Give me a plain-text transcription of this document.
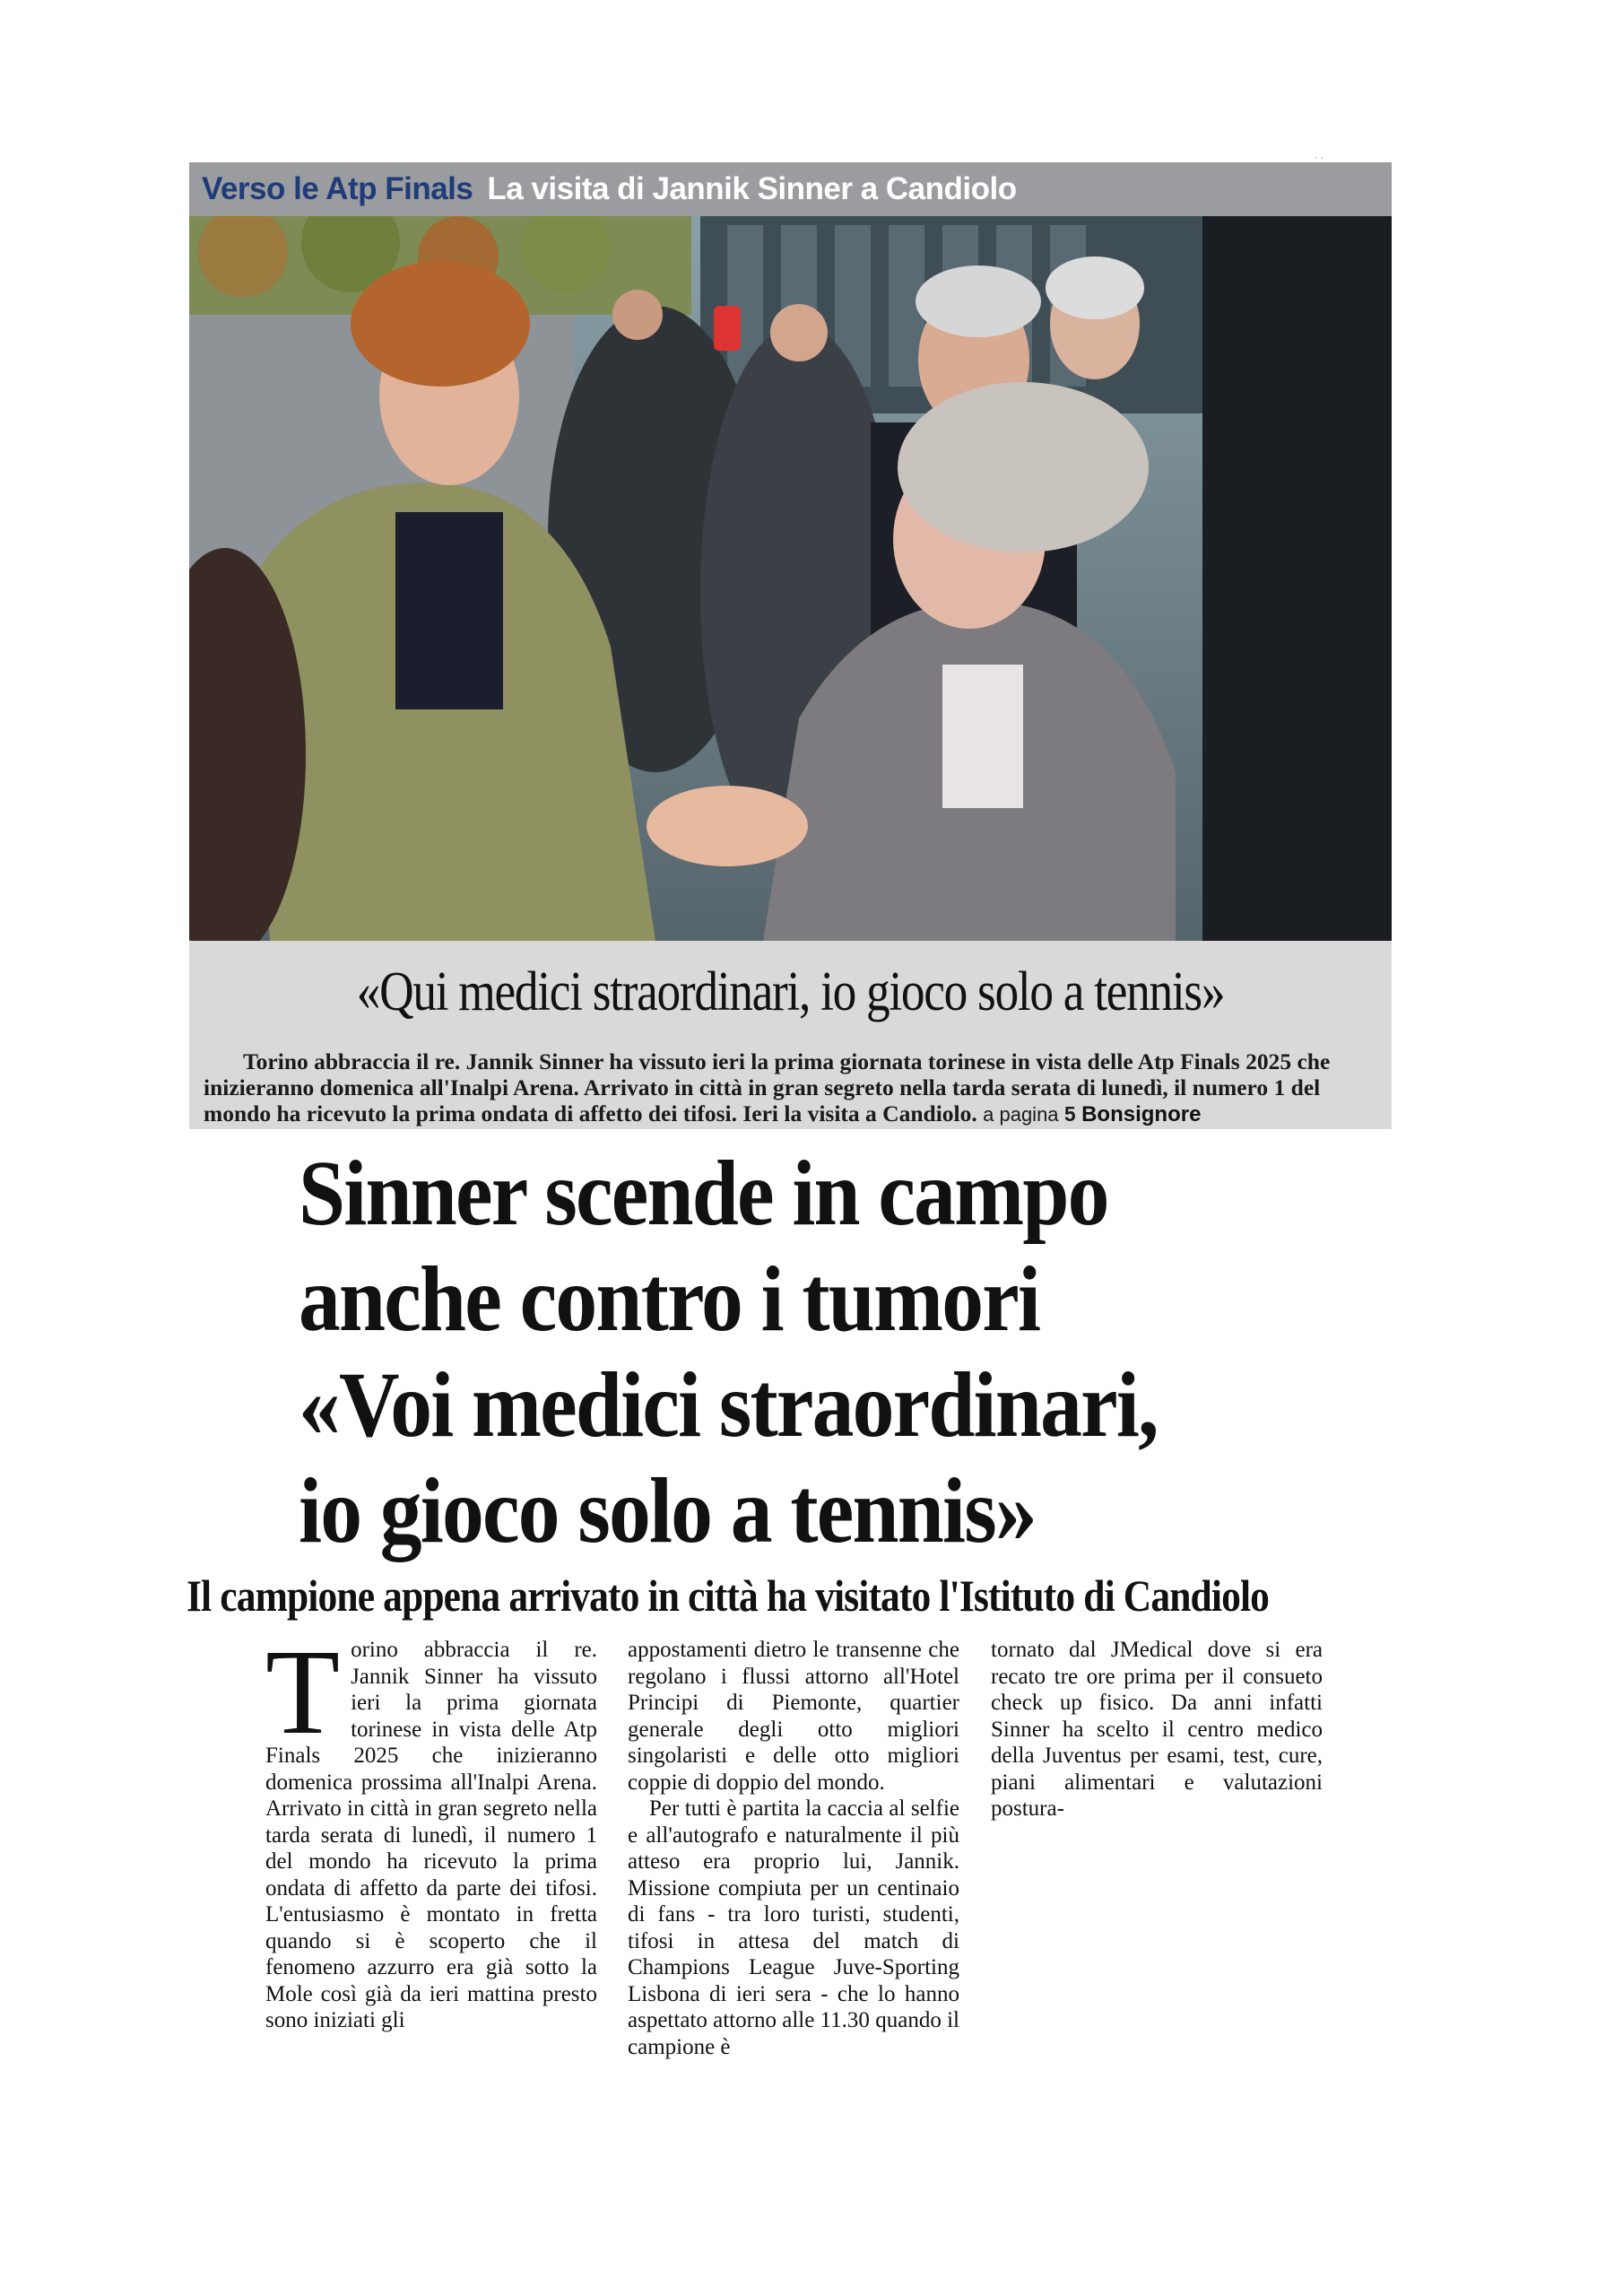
. .
Verso le Atp Finals La visita di Jannik Sinner a Candiolo
«Qui medici straordinari, io gioco solo a tennis»
Torino abbraccia il re. Jannik Sinner ha vissuto ieri la prima giornata torinese in vista delle Atp Finals 2025 che inizieranno domenica all'Inalpi Arena. Arrivato in città in gran segreto nella tarda serata di lunedì, il numero 1 del mondo ha ricevuto la prima ondata di affetto dei tifosi. Ieri la visita a Candiolo. a pagina 5 Bonsignore
Sinner scende in campo
anche contro i tumori
«Voi medici straordinari,
io gioco solo a tennis»
Il campione appena arrivato in città ha visitato l'Istituto di Candiolo

Torino abbraccia il re. Jannik Sinner ha vissuto ieri la prima giornata torinese in vista delle Atp Finals 2025 che inizieranno domenica prossima all'Inalpi Arena. Arrivato in città in gran segreto nella tarda serata di lunedì, il numero 1 del mondo ha ricevuto la prima ondata di affetto da parte dei tifosi. L'entusiasmo è montato in fretta quando si è scoperto che il fenomeno azzurro era già sotto la Mole così già da ieri mattina presto sono iniziati gli

appostamenti dietro le transenne che regolano i flussi attorno all'Hotel Principi di Piemonte, quartier generale degli otto migliori singolaristi e delle otto migliori coppie di doppio del mondo.

Per tutti è partita la caccia al selfie e all'autografo e naturalmente il più atteso era proprio lui, Jannik. Missione compiuta per un centinaio di fans - tra loro turisti, studenti, tifosi in attesa del match di Champions League Juve-Sporting Lisbona di ieri sera - che lo hanno aspettato attorno alle 11.30 quando il campione è

tornato dal JMedical dove si era recato tre ore prima per il consueto check up fisico. Da anni infatti Sinner ha scelto il centro medico della Juventus per esami, test, cure, piani alimentari e valutazioni postura-
